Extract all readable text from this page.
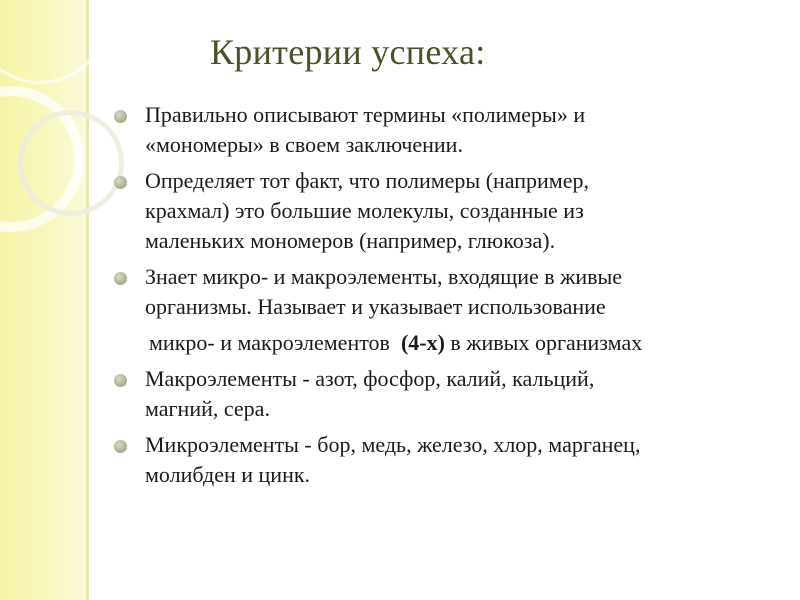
Критерии успеха:
Правильно описывают термины «полимеры» и
«мономеры» в своем заключении.
Определяет тот факт, что полимеры (например,
крахмал) это большие молекулы, созданные из
маленьких мономеров (например, глюкоза).
Знает микро- и макроэлементы, входящие в живые
организмы. Называет и указывает использование
микро- и макроэлементов  (4-х) в живых организмах
Макроэлементы - азот, фосфор, калий, кальций,
магний, сера.
Микроэлементы - бор, медь, железо, хлор, марганец,
молибден и цинк.
